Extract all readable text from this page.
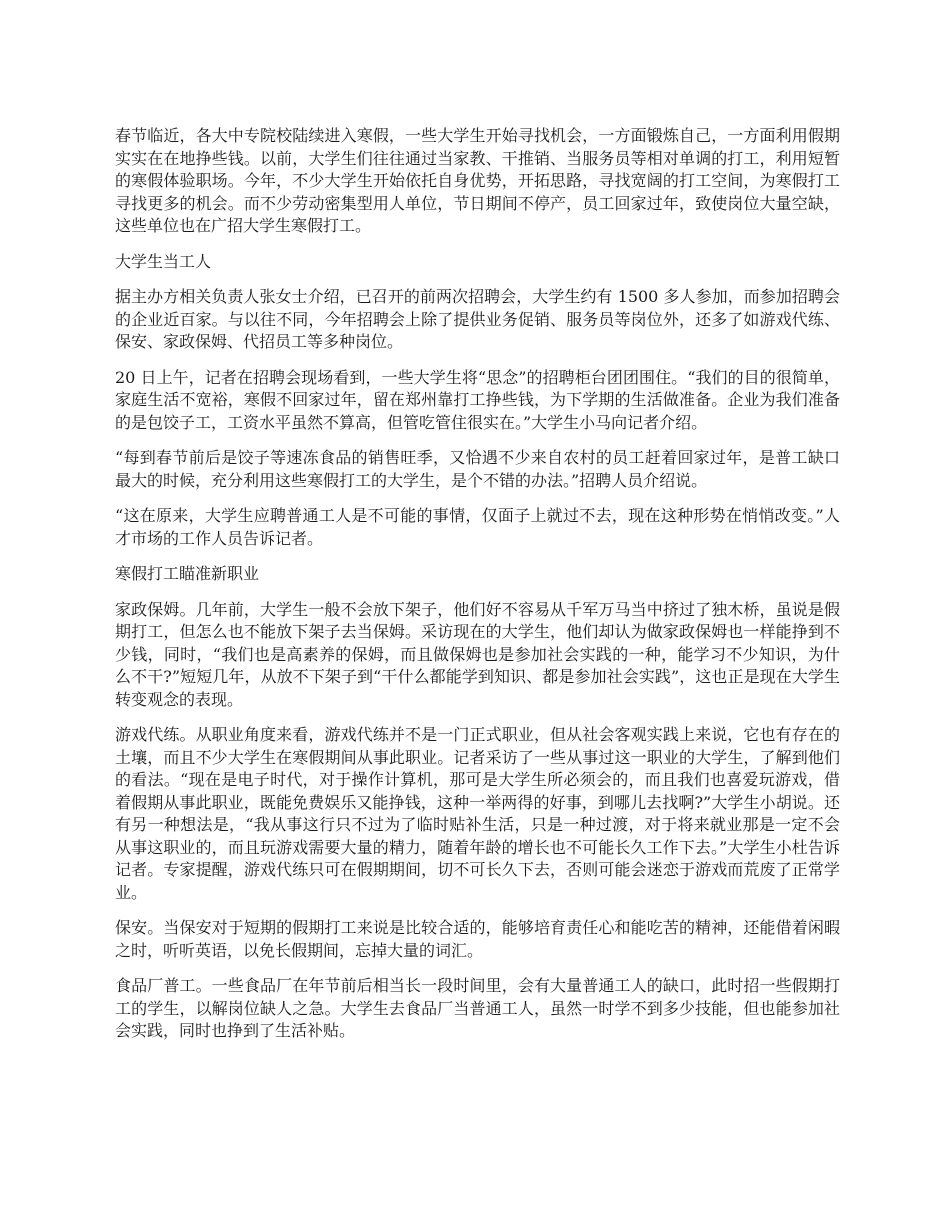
春节临近，各大中专院校陆续进入寒假，一些大学生开始寻找机会，一方面锻炼自己，一方面利用假期实实在在地挣些钱。以前，大学生们往往通过当家教、干推销、当服务员等相对单调的打工，利用短暂的寒假体验职场。今年，不少大学生开始依托自身优势，开拓思路，寻找宽阔的打工空间，为寒假打工寻找更多的机会。而不少劳动密集型用人单位，节日期间不停产，员工回家过年，致使岗位大量空缺，这些单位也在广招大学生寒假打工。

大学生当工人

据主办方相关负责人张女士介绍，已召开的前两次招聘会，大学生约有 1500 多人参加，而参加招聘会的企业近百家。与以往不同，今年招聘会上除了提供业务促销、服务员等岗位外，还多了如游戏代练、保安、家政保姆、代招员工等多种岗位。

20 日上午，记者在招聘会现场看到，一些大学生将“思念”的招聘柜台团团围住。“我们的目的很简单，家庭生活不宽裕，寒假不回家过年，留在郑州靠打工挣些钱，为下学期的生活做准备。企业为我们准备的是包饺子工，工资水平虽然不算高，但管吃管住很实在。”大学生小马向记者介绍。

“每到春节前后是饺子等速冻食品的销售旺季，又恰遇不少来自农村的员工赶着回家过年，是普工缺口最大的时候，充分利用这些寒假打工的大学生，是个不错的办法。”招聘人员介绍说。

“这在原来，大学生应聘普通工人是不可能的事情，仅面子上就过不去，现在这种形势在悄悄改变。”人才市场的工作人员告诉记者。

寒假打工瞄准新职业

家政保姆。几年前，大学生一般不会放下架子，他们好不容易从千军万马当中挤过了独木桥，虽说是假期打工，但怎么也不能放下架子去当保姆。采访现在的大学生，他们却认为做家政保姆也一样能挣到不少钱，同时，“我们也是高素养的保姆，而且做保姆也是参加社会实践的一种，能学习不少知识，为什么不干?”短短几年，从放不下架子到“干什么都能学到知识、都是参加社会实践”，这也正是现在大学生转变观念的表现。

游戏代练。从职业角度来看，游戏代练并不是一门正式职业，但从社会客观实践上来说，它也有存在的土壤，而且不少大学生在寒假期间从事此职业。记者采访了一些从事过这一职业的大学生，了解到他们的看法。“现在是电子时代，对于操作计算机，那可是大学生所必须会的，而且我们也喜爱玩游戏，借着假期从事此职业，既能免费娱乐又能挣钱，这种一举两得的好事，到哪儿去找啊?”大学生小胡说。还有另一种想法是，“我从事这行只不过为了临时贴补生活，只是一种过渡，对于将来就业那是一定不会从事这职业的，而且玩游戏需要大量的精力，随着年龄的增长也不可能长久工作下去。”大学生小杜告诉记者。专家提醒，游戏代练只可在假期期间，切不可长久下去，否则可能会迷恋于游戏而荒废了正常学业。

保安。当保安对于短期的假期打工来说是比较合适的，能够培育责任心和能吃苦的精神，还能借着闲暇之时，听听英语，以免长假期间，忘掉大量的词汇。

食品厂普工。一些食品厂在年节前后相当长一段时间里，会有大量普通工人的缺口，此时招一些假期打工的学生，以解岗位缺人之急。大学生去食品厂当普通工人，虽然一时学不到多少技能，但也能参加社会实践，同时也挣到了生活补贴。
